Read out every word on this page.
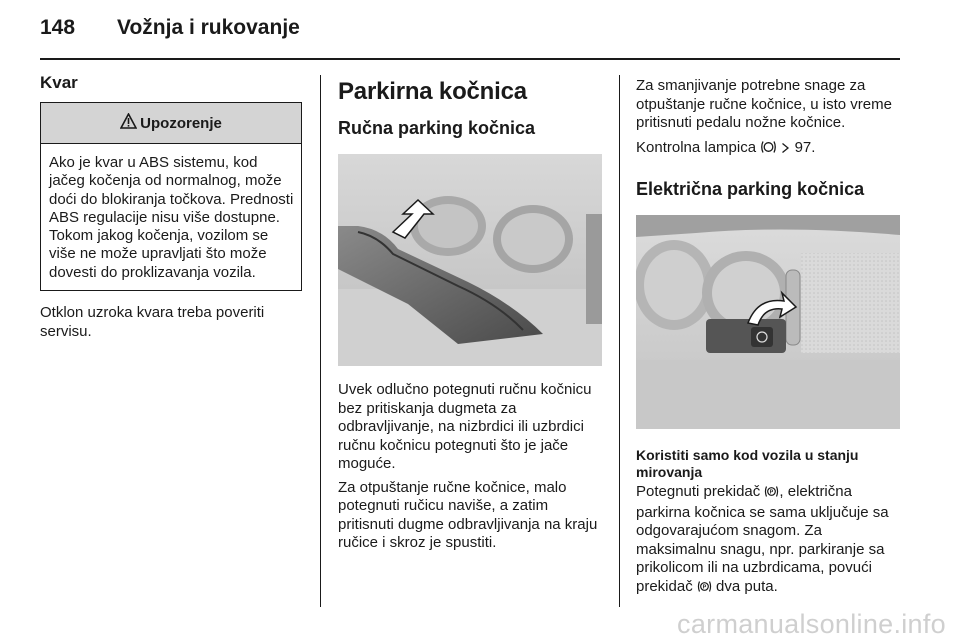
148 Vožnja i rukovanje
Kvar
Upozorenje

Ako je kvar u ABS sistemu, kod jačeg kočenja od normalnog, može doći do blokiranja točkova. Prednosti ABS regulacije nisu više dostupne. Tokom jakog kočenja, vozilom se više ne može upravljati što može dovesti do proklizavanja vozila.

Otklon uzroka kvara treba poveriti servisu.

Parkirna kočnica
Ručna parking kočnica

Uvek odlučno potegnuti ručnu kočnicu bez pritiskanja dugmeta za odbravljivanje, na nizbrdici ili uzbrdici ručnu kočnicu potegnuti što je jače moguće.

Za otpuštanje ručne kočnice, malo potegnuti ručicu naviše, a zatim pritisnuti dugme odbravljivanja na kraju ručice i skroz je spustiti.

Za smanjivanje potrebne snage za otpuštanje ručne kočnice, u isto vreme pritisnuti pedalu nožne kočnice.

Kontrolna lampica	97.

Električna parking kočnica

Koristiti samo kod vozila u stanju mirovanja

Potegnuti prekidač P , električna parkirna kočnica se sama uključuje sa odgovarajućom snagom. Za maksimalnu snagu, npr. parkiranje sa prikolicom ili na uzbrdicama, povući prekidač P dva puta.

carmanualsonline.info
